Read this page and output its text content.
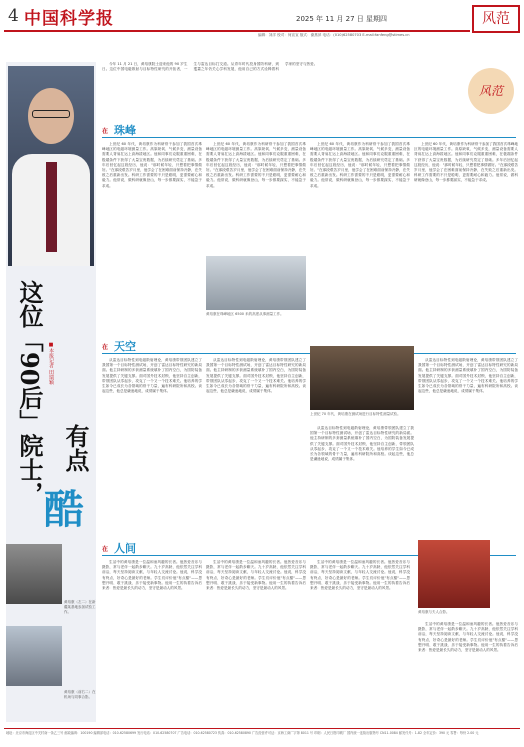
4 中国科学报	2025 年 11 月 27 日 星期四
编辑：刘洋 校对：何宣宣 版式：谢燕萍 电话：(010)62580703 E-mail:fanfeng@stimes.cn
风范
这位「90后」院士， ■本报记者 田瑞颖
有点
酷
黄培康（左二）在新疆某基地参加试验工作。
黄培康（前右二）在机场与同事合影。
风范

今年 11 月 21 日，黄培康院士迎来他的 90 岁生日。这位中国电磁散射与目标特性研究的开拓者，一生与雷达目标打交道。从青年时代投身国防科研，到耄耋之年仍关心学科发展，他用自己的方式诠释着科学家的坚守与热爱。

在 珠峰

上世纪 60 年代，黄培康作为科研骨干参加了我国首次珠峰地区的电磁环境测量工作。高原缺氧、气候多变，测量设备需要人背肩扛运上高海拔地区。他和同事们克服重重困难，在极端条件下获得了大量宝贵数据，为后续研究奠定了基础。多年后回忆起这段经历，他说："那时候年轻，只想着把事情做好。"在那段艰苦岁月里，他学会了在困难面前保持冷静，在失败之后重新出发。科研工作需要的不只是聪明，更需要耐心和毅力。他常说，做科研就像登山，每一步都要踩实，不能急于求成。

上世纪 60 年代，黄培康作为科研骨干参加了我国首次珠峰地区的电磁环境测量工作。高原缺氧、气候多变，测量设备需要人背肩扛运上高海拔地区。他和同事们克服重重困难，在极端条件下获得了大量宝贵数据，为后续研究奠定了基础。多年后回忆起这段经历，他说："那时候年轻，只想着把事情做好。"在那段艰苦岁月里，他学会了在困难面前保持冷静，在失败之后重新出发。科研工作需要的不只是聪明，更需要耐心和毅力。他常说，做科研就像登山，每一步都要踩实，不能急于求成。

黄培康在珠峰地区 6500 米的高度从事测量工作。

上世纪 60 年代，黄培康作为科研骨干参加了我国首次珠峰地区的电磁环境测量工作。高原缺氧、气候多变，测量设备需要人背肩扛运上高海拔地区。他和同事们克服重重困难，在极端条件下获得了大量宝贵数据，为后续研究奠定了基础。多年后回忆起这段经历，他说："那时候年轻，只想着把事情做好。"在那段艰苦岁月里，他学会了在困难面前保持冷静，在失败之后重新出发。科研工作需要的不只是聪明，更需要耐心和毅力。他常说，做科研就像登山，每一步都要踩实，不能急于求成。

上世纪 60 年代，黄培康作为科研骨干参加了我国首次珠峰地区的电磁环境测量工作。高原缺氧、气候多变，测量设备需要人背肩扛运上高海拔地区。他和同事们克服重重困难，在极端条件下获得了大量宝贵数据，为后续研究奠定了基础。多年后回忆起这段经历，他说："那时候年轻，只想着把事情做好。"在那段艰苦岁月里，他学会了在困难面前保持冷静，在失败之后重新出发。科研工作需要的不只是聪明，更需要耐心和毅力。他常说，做科研就像登山，每一步都要踩实，不能急于求成。

在 天空

从雷达目标特性到电磁散射理论，黄培康带领团队建立了我国第一个目标特性测试场，开创了雷达目标特性研究的新局面。他主持研制的多套测量系统填补了国内空白，为国防装备发展提供了关键支撑。面对国外技术封锁，他坚持自主创新，带领团队从零起步，攻克了一个又一个技术难关。他培养的学生如今已成长为各领域的骨干力量，遍布科研院所和高校。谈起这些，他总是谦逊地说，成绩属于集体。

从雷达目标特性到电磁散射理论，黄培康带领团队建立了我国第一个目标特性测试场，开创了雷达目标特性研究的新局面。他主持研制的多套测量系统填补了国内空白，为国防装备发展提供了关键支撑。面对国外技术封锁，他坚持自主创新，带领团队从零起步，攻克了一个又一个技术难关。他培养的学生如今已成长为各领域的骨干力量，遍布科研院所和高校。谈起这些，他总是谦逊地说，成绩属于集体。

上世纪 70 年代，黄培康在测试场进行目标特性测量试验。

从雷达目标特性到电磁散射理论，黄培康带领团队建立了我国第一个目标特性测试场，开创了雷达目标特性研究的新局面。他主持研制的多套测量系统填补了国内空白，为国防装备发展提供了关键支撑。面对国外技术封锁，他坚持自主创新，带领团队从零起步，攻克了一个又一个技术难关。他培养的学生如今已成长为各领域的骨干力量，遍布科研院所和高校。谈起这些，他总是谦逊地说，成绩属于集体。

从雷达目标特性到电磁散射理论，黄培康带领团队建立了我国第一个目标特性测试场，开创了雷达目标特性研究的新局面。他主持研制的多套测量系统填补了国内空白，为国防装备发展提供了关键支撑。面对国外技术封锁，他坚持自主创新，带领团队从零起步，攻克了一个又一个技术难关。他培养的学生如今已成长为各领域的骨干力量，遍布科研院所和高校。谈起这些，他总是谦逊地说，成绩属于集体。

在 人间

生活中的黄培康是一位温和而风趣的长者。他热爱音乐与摄影，常与老伴一起散步聊天。九十岁高龄，他依然关注学科前沿，每天坚持阅读文献，与年轻人交流讨论。他说，科学没有终点，好奇心是最好的老师。学生们评价他"有点酷"——思想开明、敢于挑战、乐于接受新事物。他用一生的执着告诉后来者：热爱是最长久的动力，坚守是最动人的风景。

生活中的黄培康是一位温和而风趣的长者。他热爱音乐与摄影，常与老伴一起散步聊天。九十岁高龄，他依然关注学科前沿，每天坚持阅读文献，与年轻人交流讨论。他说，科学没有终点，好奇心是最好的老师。学生们评价他"有点酷"——思想开明、敢于挑战、乐于接受新事物。他用一生的执着告诉后来者：热爱是最长久的动力，坚守是最动人的风景。

生活中的黄培康是一位温和而风趣的长者。他热爱音乐与摄影，常与老伴一起散步聊天。九十岁高龄，他依然关注学科前沿，每天坚持阅读文献，与年轻人交流讨论。他说，科学没有终点，好奇心是最好的老师。学生们评价他"有点酷"——思想开明、敢于挑战、乐于接受新事物。他用一生的执着告诉后来者：热爱是最长久的动力，坚守是最动人的风景。

黄培康与夫人合影。

生活中的黄培康是一位温和而风趣的长者。他热爱音乐与摄影，常与老伴一起散步聊天。九十岁高龄，他依然关注学科前沿，每天坚持阅读文献，与年轻人交流讨论。他说，科学没有终点，好奇心是最好的老师。学生们评价他"有点酷"——思想开明、敢于挑战、乐于接受新事物。他用一生的执着告诉后来者：热爱是最长久的动力，坚守是最动人的风景。

地址：北京市海淀区中关村南一条乙三号 邮政编码：100190 编辑部电话：010-62580699 发行电话：010-62580707 广告电话：010-62580723 传真：010-62580890 广告经营许可证：京海工商广字第 8011 号 印刷：人民日报印刷厂 国内统一连续出版物号 CN11-0084 邮发代号：1-82 全年定价：390 元 零售：每份 2.00 元
